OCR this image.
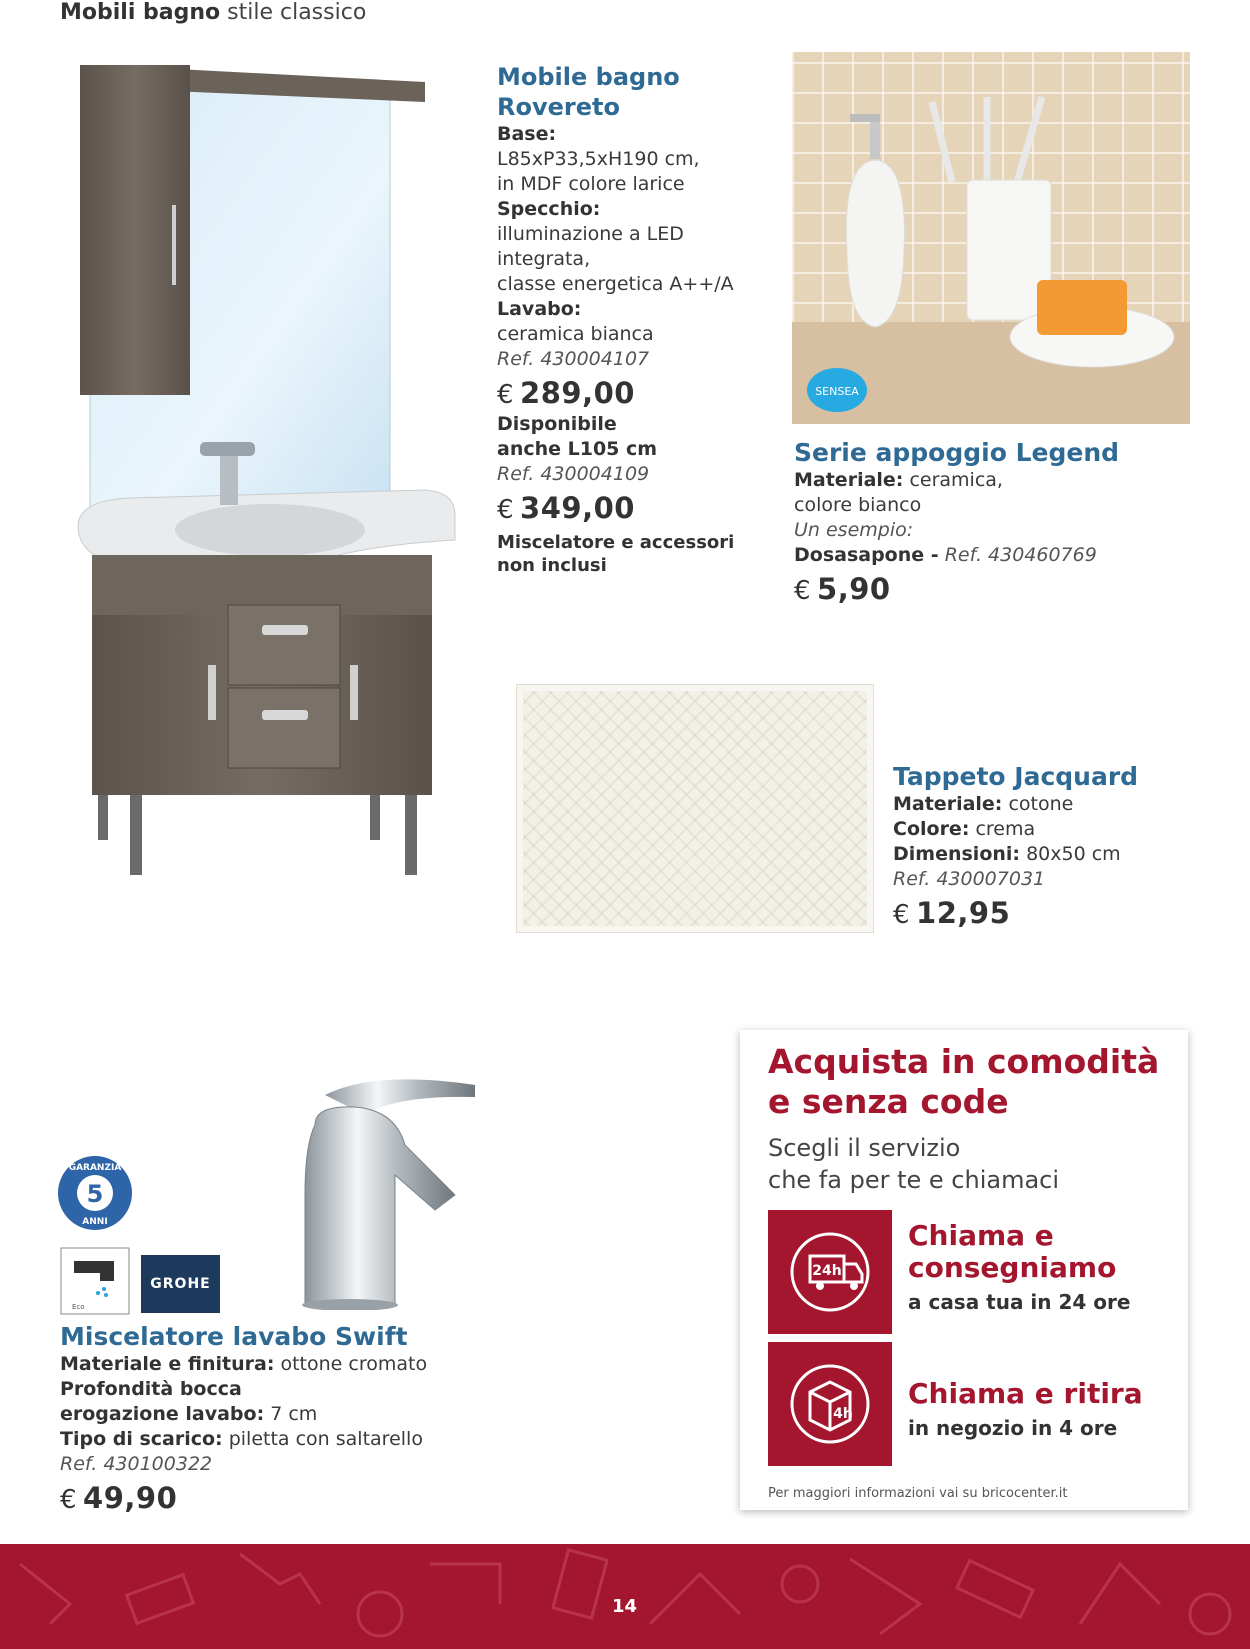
Mobili bagno stile classico
Mobile bagno
Rovereto
Base:
L85xP33,5xH190 cm,
in MDF colore larice
Specchio:
illuminazione a LED
integrata,
classe energetica A++/A
Lavabo:
ceramica bianca
Ref. 430004107
€ 289,00
Disponibile
anche L105 cm
Ref. 430004109
€ 349,00
Miscelatore e accessori
non inclusi
SENSEA
Serie appoggio Legend
Materiale: ceramica,
colore bianco
Un esempio:
Dosasapone - Ref. 430460769
€ 5,90
Tappeto Jacquard
Materiale: cotone
Colore: crema
Dimensioni: 80x50 cm
Ref. 430007031
€ 12,95
5
GARANZIA
ANNI
Eco
GROHE
Miscelatore lavabo Swift
Materiale e finitura: ottone cromato
Profondità bocca
erogazione lavabo: 7 cm
Tipo di scarico: piletta con saltarello
Ref. 430100322
€ 49,90
Acquista in comodità
e senza code
Scegli il servizio
che fa per te e chiamaci
24h
Chiama e
consegniamo
a casa tua in 24 ore
4h
Chiama e ritira
in negozio in 4 ore
Per maggiori informazioni vai su bricocenter.it
14
